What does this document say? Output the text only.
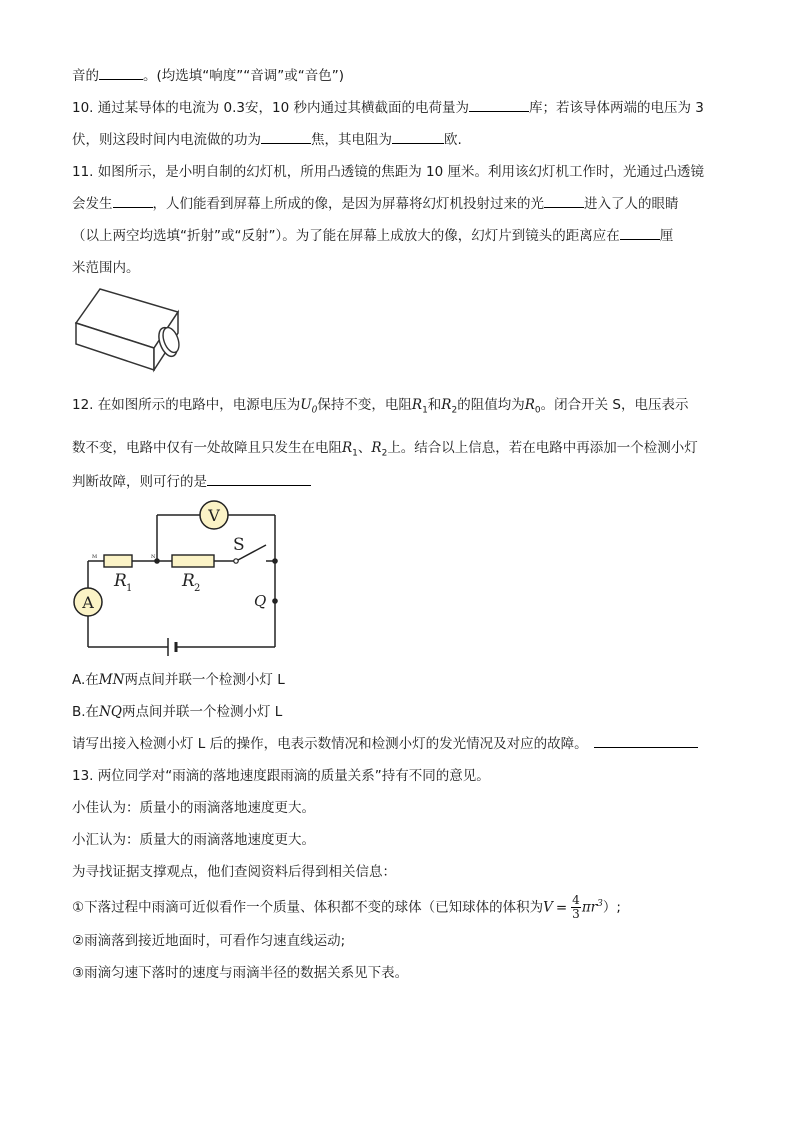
音的	。(均选填“响度”“音调”或“音色”)
10. 通过某导体的电流为 0.3安，10 秒内通过其横截面的电荷量为	库；若该导体两端的电压为 3
伏，则这段时间内电流做的功为	焦，其电阻为	欧.
11. 如图所示，是小明自制的幻灯机，所用凸透镜的焦距为 10 厘米。利用该幻灯机工作时，光通过凸透镜
会发生	，人们能看到屏幕上所成的像，是因为屏幕将幻灯机投射过来的光	进入了人的眼睛
（以上两空均选填“折射”或“反射”）。为了能在屏幕上成放大的像，幻灯片到镜头的距离应在	厘
米范围内。
12. 在如图所示的电路中，电源电压为$U_0$保持不变，电阻$R_1$和$R_2$的阻值均为$R_0$。闭合开关 S，电压表示
数不变，电路中仅有一处故障且只发生在电阻$R_1$、$R_2$上。结合以上信息，若在电路中再添加一个检测小灯
判断故障，则可行的是
V
A
S
M	N
R 1	R 2
Q
A.在MN两点间并联一个检测小灯 L
B.在NQ两点间并联一个检测小灯 L
请写出接入检测小灯 L 后的操作，电表示数情况和检测小灯的发光情况及对应的故障。
13. 两位同学对“雨滴的落地速度跟雨滴的质量关系”持有不同的意见。
小佳认为：质量小的雨滴落地速度更大。
小汇认为：质量大的雨滴落地速度更大。
为寻找证据支撑观点，他们查阅资料后得到相关信息：
①下落过程中雨滴可近似看作一个质量、体积都不变的球体（已知球体的体积为$V = \frac{4}{3} \pi r^3$）;
②雨滴落到接近地面时，可看作匀速直线运动;
③雨滴匀速下落时的速度与雨滴半径的数据关系见下表。
